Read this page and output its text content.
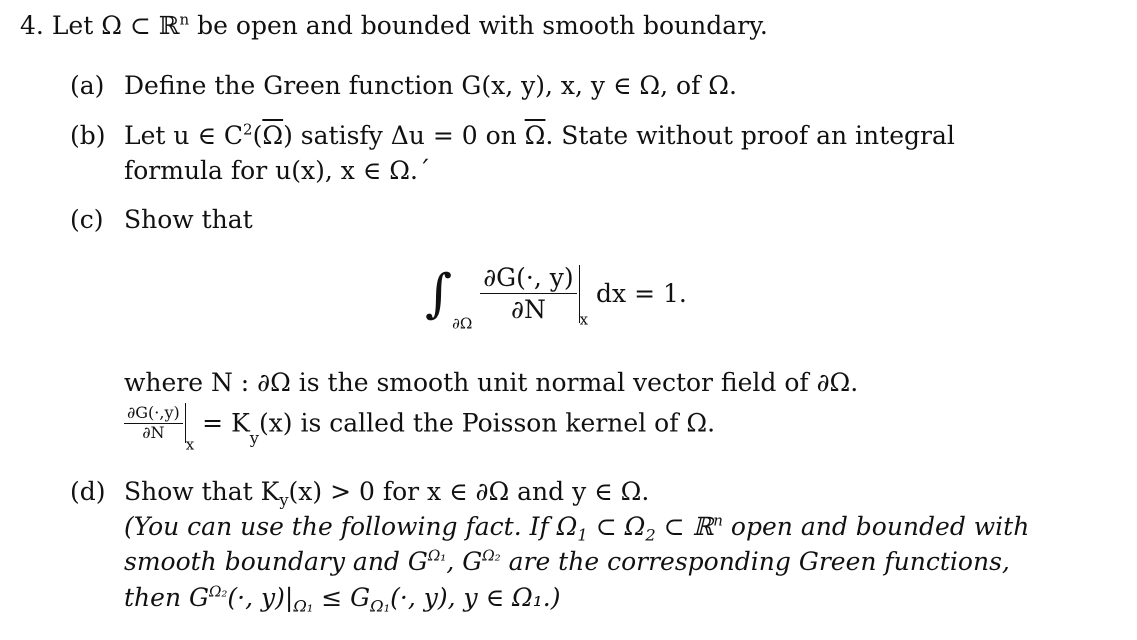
4. Let Ω ⊂ ℝ$^n$ be open and bounded with smooth boundary.
(a) Define the Green function G(x, y), x, y ∈ Ω, of Ω.
(b) Let u ∈ $C^2(\overline{\Omega})$ satisfy Δu = 0 on $\overline{\Omega}$. State without proof an integral
formula for u(x), x ∈ Ω.´
(c) Show that
$\int_{\partial\Omega} \frac{\partial G(\cdot, y)}{\partial N} _x$ dx = 1.
where N : ∂Ω is the smooth unit normal vector field of ∂Ω.
$\frac{\partial G(\cdot,y)}{\partial N}$
$_x = K_y(x)$ is called the Poisson kernel of Ω.
(d) Show that $K_y(x) > 0$ for x ∈ ∂Ω and y ∈ Ω.
(You can use the following fact. If $\Omega_1$ ⊂ $\Omega_2$ ⊂ ℝ$^n$ open and bounded with
smooth boundary and $G^{\Omega_1}$, $G^{\Omega_2}$ are the corresponding Green functions,
then $G^{\Omega_2}(\cdot$, $y)|_{\Omega_1} \le G_{\Omega_1}(\cdot$, y), y ∈ Ω₁.)
